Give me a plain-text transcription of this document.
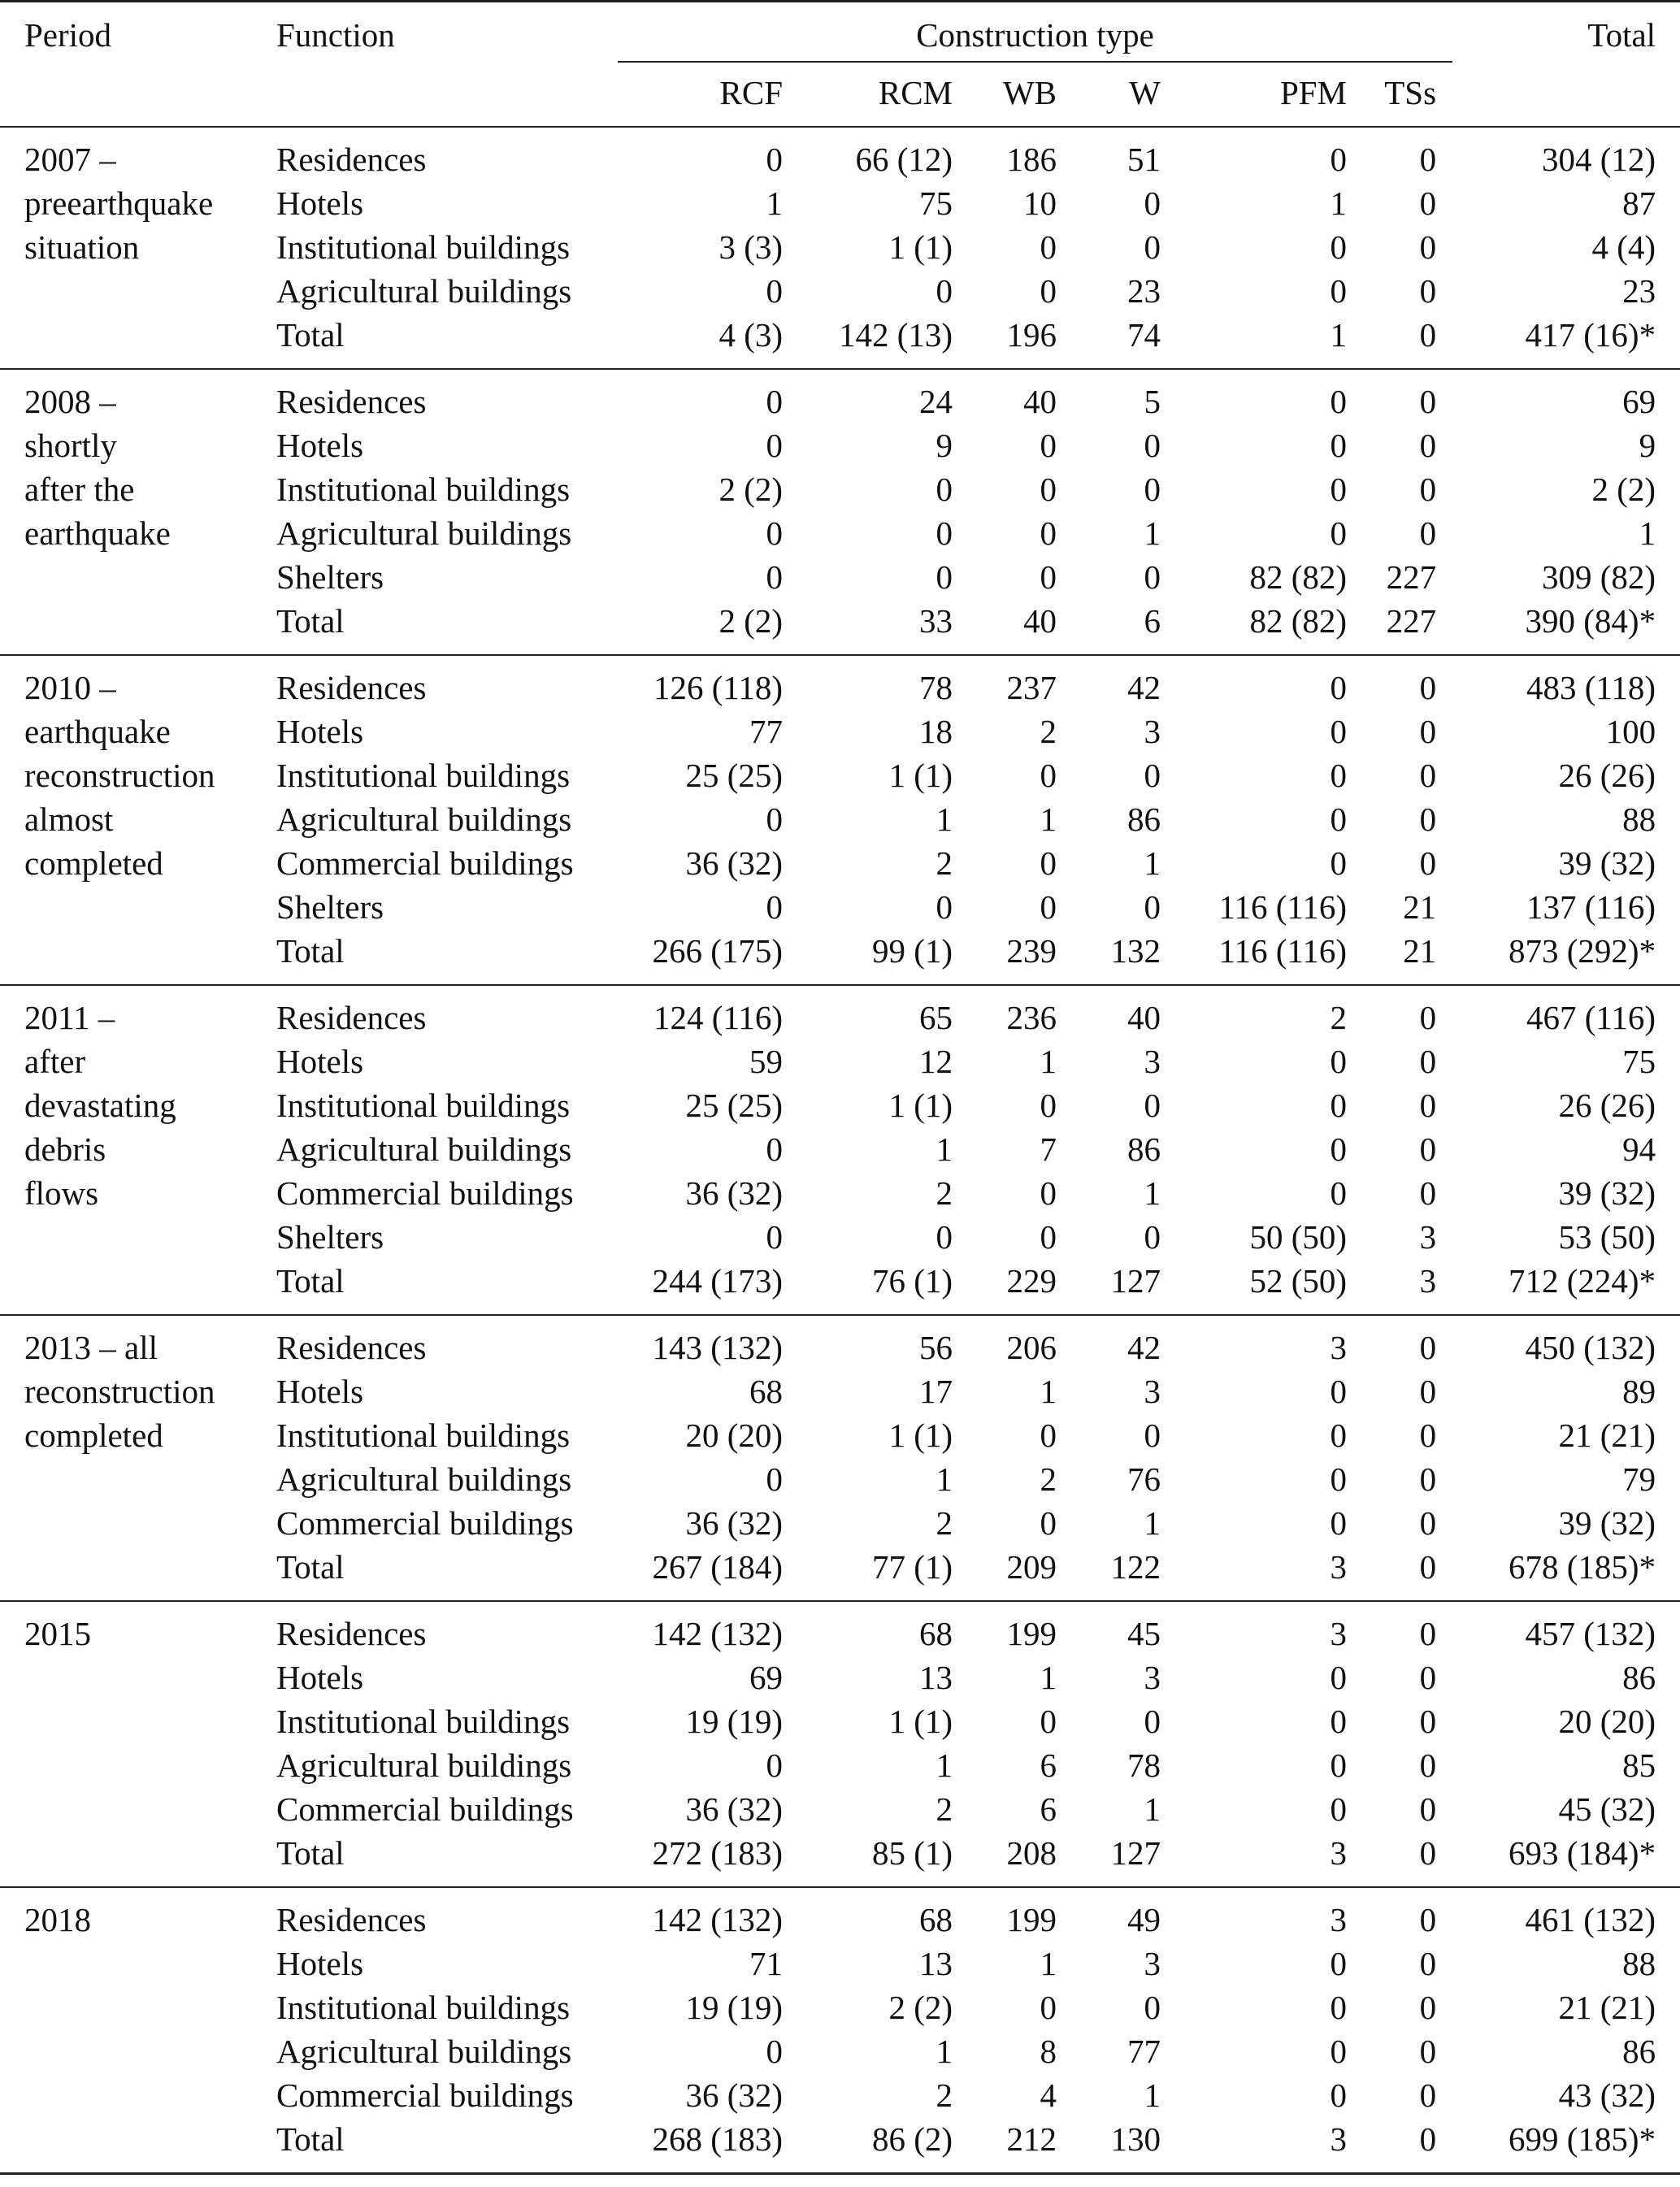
Period	Function	Construction type						Total
		RCF	RCM	WB	W	PFM	TSs	

2007 –
preearthquake
situation	Residences	0	66 (12)	186	51	0	0	304 (12)
	Hotels	1	75	10	0	1	0	87
	Institutional buildings	3 (3)	1 (1)	0	0	0	0	4 (4)
	Agricultural buildings	0	0	0	23	0	0	23
	Total	4 (3)	142 (13)	196	74	1	0	417 (16)*

2008 –
shortly
after the
earthquake	Residences	0	24	40	5	0	0	69
	Hotels	0	9	0	0	0	0	9
	Institutional buildings	2 (2)	0	0	0	0	0	2 (2)
	Agricultural buildings	0	0	0	1	0	0	1
	Shelters	0	0	0	0	82 (82)	227	309 (82)
	Total	2 (2)	33	40	6	82 (82)	227	390 (84)*

2010 –
earthquake
reconstruction
almost
completed	Residences	126 (118)	78	237	42	0	0	483 (118)
	Hotels	77	18	2	3	0	0	100
	Institutional buildings	25 (25)	1 (1)	0	0	0	0	26 (26)
	Agricultural buildings	0	1	1	86	0	0	88
	Commercial buildings	36 (32)	2	0	1	0	0	39 (32)
	Shelters	0	0	0	0	116 (116)	21	137 (116)
	Total	266 (175)	99 (1)	239	132	116 (116)	21	873 (292)*

2011 –
after
devastating
debris
flows	Residences	124 (116)	65	236	40	2	0	467 (116)
	Hotels	59	12	1	3	0	0	75
	Institutional buildings	25 (25)	1 (1)	0	0	0	0	26 (26)
	Agricultural buildings	0	1	7	86	0	0	94
	Commercial buildings	36 (32)	2	0	1	0	0	39 (32)
	Shelters	0	0	0	0	50 (50)	3	53 (50)
	Total	244 (173)	76 (1)	229	127	52 (50)	3	712 (224)*

2013 – all
reconstruction
completed	Residences	143 (132)	56	206	42	3	0	450 (132)
	Hotels	68	17	1	3	0	0	89
	Institutional buildings	20 (20)	1 (1)	0	0	0	0	21 (21)
	Agricultural buildings	0	1	2	76	0	0	79
	Commercial buildings	36 (32)	2	0	1	0	0	39 (32)
	Total	267 (184)	77 (1)	209	122	3	0	678 (185)*

2015	Residences	142 (132)	68	199	45	3	0	457 (132)
	Hotels	69	13	1	3	0	0	86
	Institutional buildings	19 (19)	1 (1)	0	0	0	0	20 (20)
	Agricultural buildings	0	1	6	78	0	0	85
	Commercial buildings	36 (32)	2	6	1	0	0	45 (32)
	Total	272 (183)	85 (1)	208	127	3	0	693 (184)*

2018	Residences	142 (132)	68	199	49	3	0	461 (132)
	Hotels	71	13	1	3	0	0	88
	Institutional buildings	19 (19)	2 (2)	0	0	0	0	21 (21)
	Agricultural buildings	0	1	8	77	0	0	86
	Commercial buildings	36 (32)	2	4	1	0	0	43 (32)
	Total	268 (183)	86 (2)	212	130	3	0	699 (185)*
